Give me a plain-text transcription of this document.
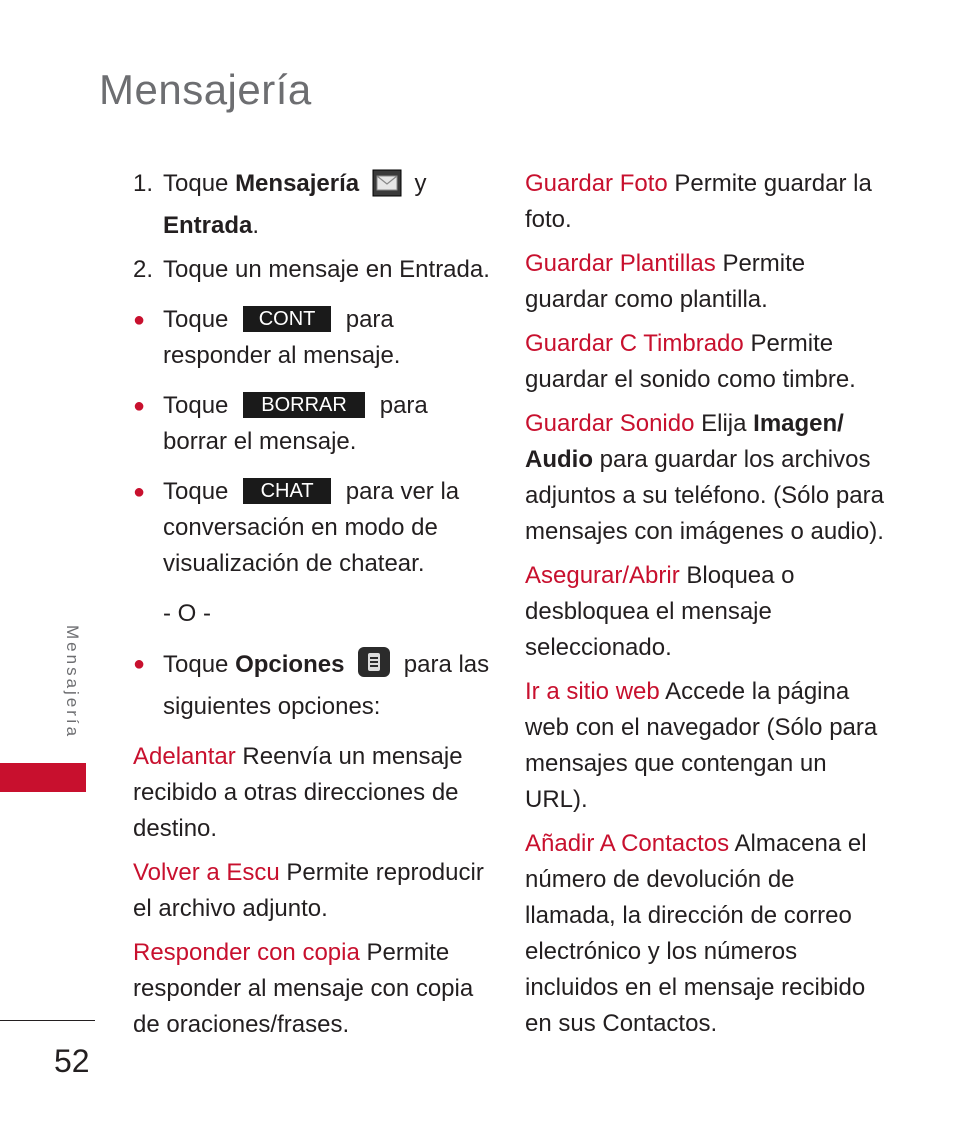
Mensajería
1. Toque Mensajería y Entrada.
2. Toque un mensaje en Entrada.
● Toque CONT para responder al mensaje.
● Toque BORRAR para borrar el mensaje.
● Toque CHAT para ver la conversación en modo de visualización de chatear.
- O -
● Toque Opciones para las siguientes opciones:
Adelantar Reenvía un mensaje recibido a otras direcciones de destino.
Volver a Escu Permite reproducir el archivo adjunto.
Responder con copia Permite responder al mensaje con copia de oraciones/frases.
Guardar Foto Permite guardar la foto.
Guardar Plantillas Permite guardar como plantilla.
Guardar C Timbrado Permite guardar el sonido como timbre.
Guardar Sonido Elija Imagen/ Audio para guardar los archivos adjuntos a su teléfono. (Sólo para mensajes con imágenes o audio).
Asegurar/Abrir Bloquea o desbloquea el mensaje seleccionado.
Ir a sitio web Accede la página web con el navegador (Sólo para mensajes que contengan un URL).
Añadir A Contactos Almacena el número de devolución de llamada, la dirección de correo electrónico y los números incluidos en el mensaje recibido en sus Contactos.
Mensajería
52
